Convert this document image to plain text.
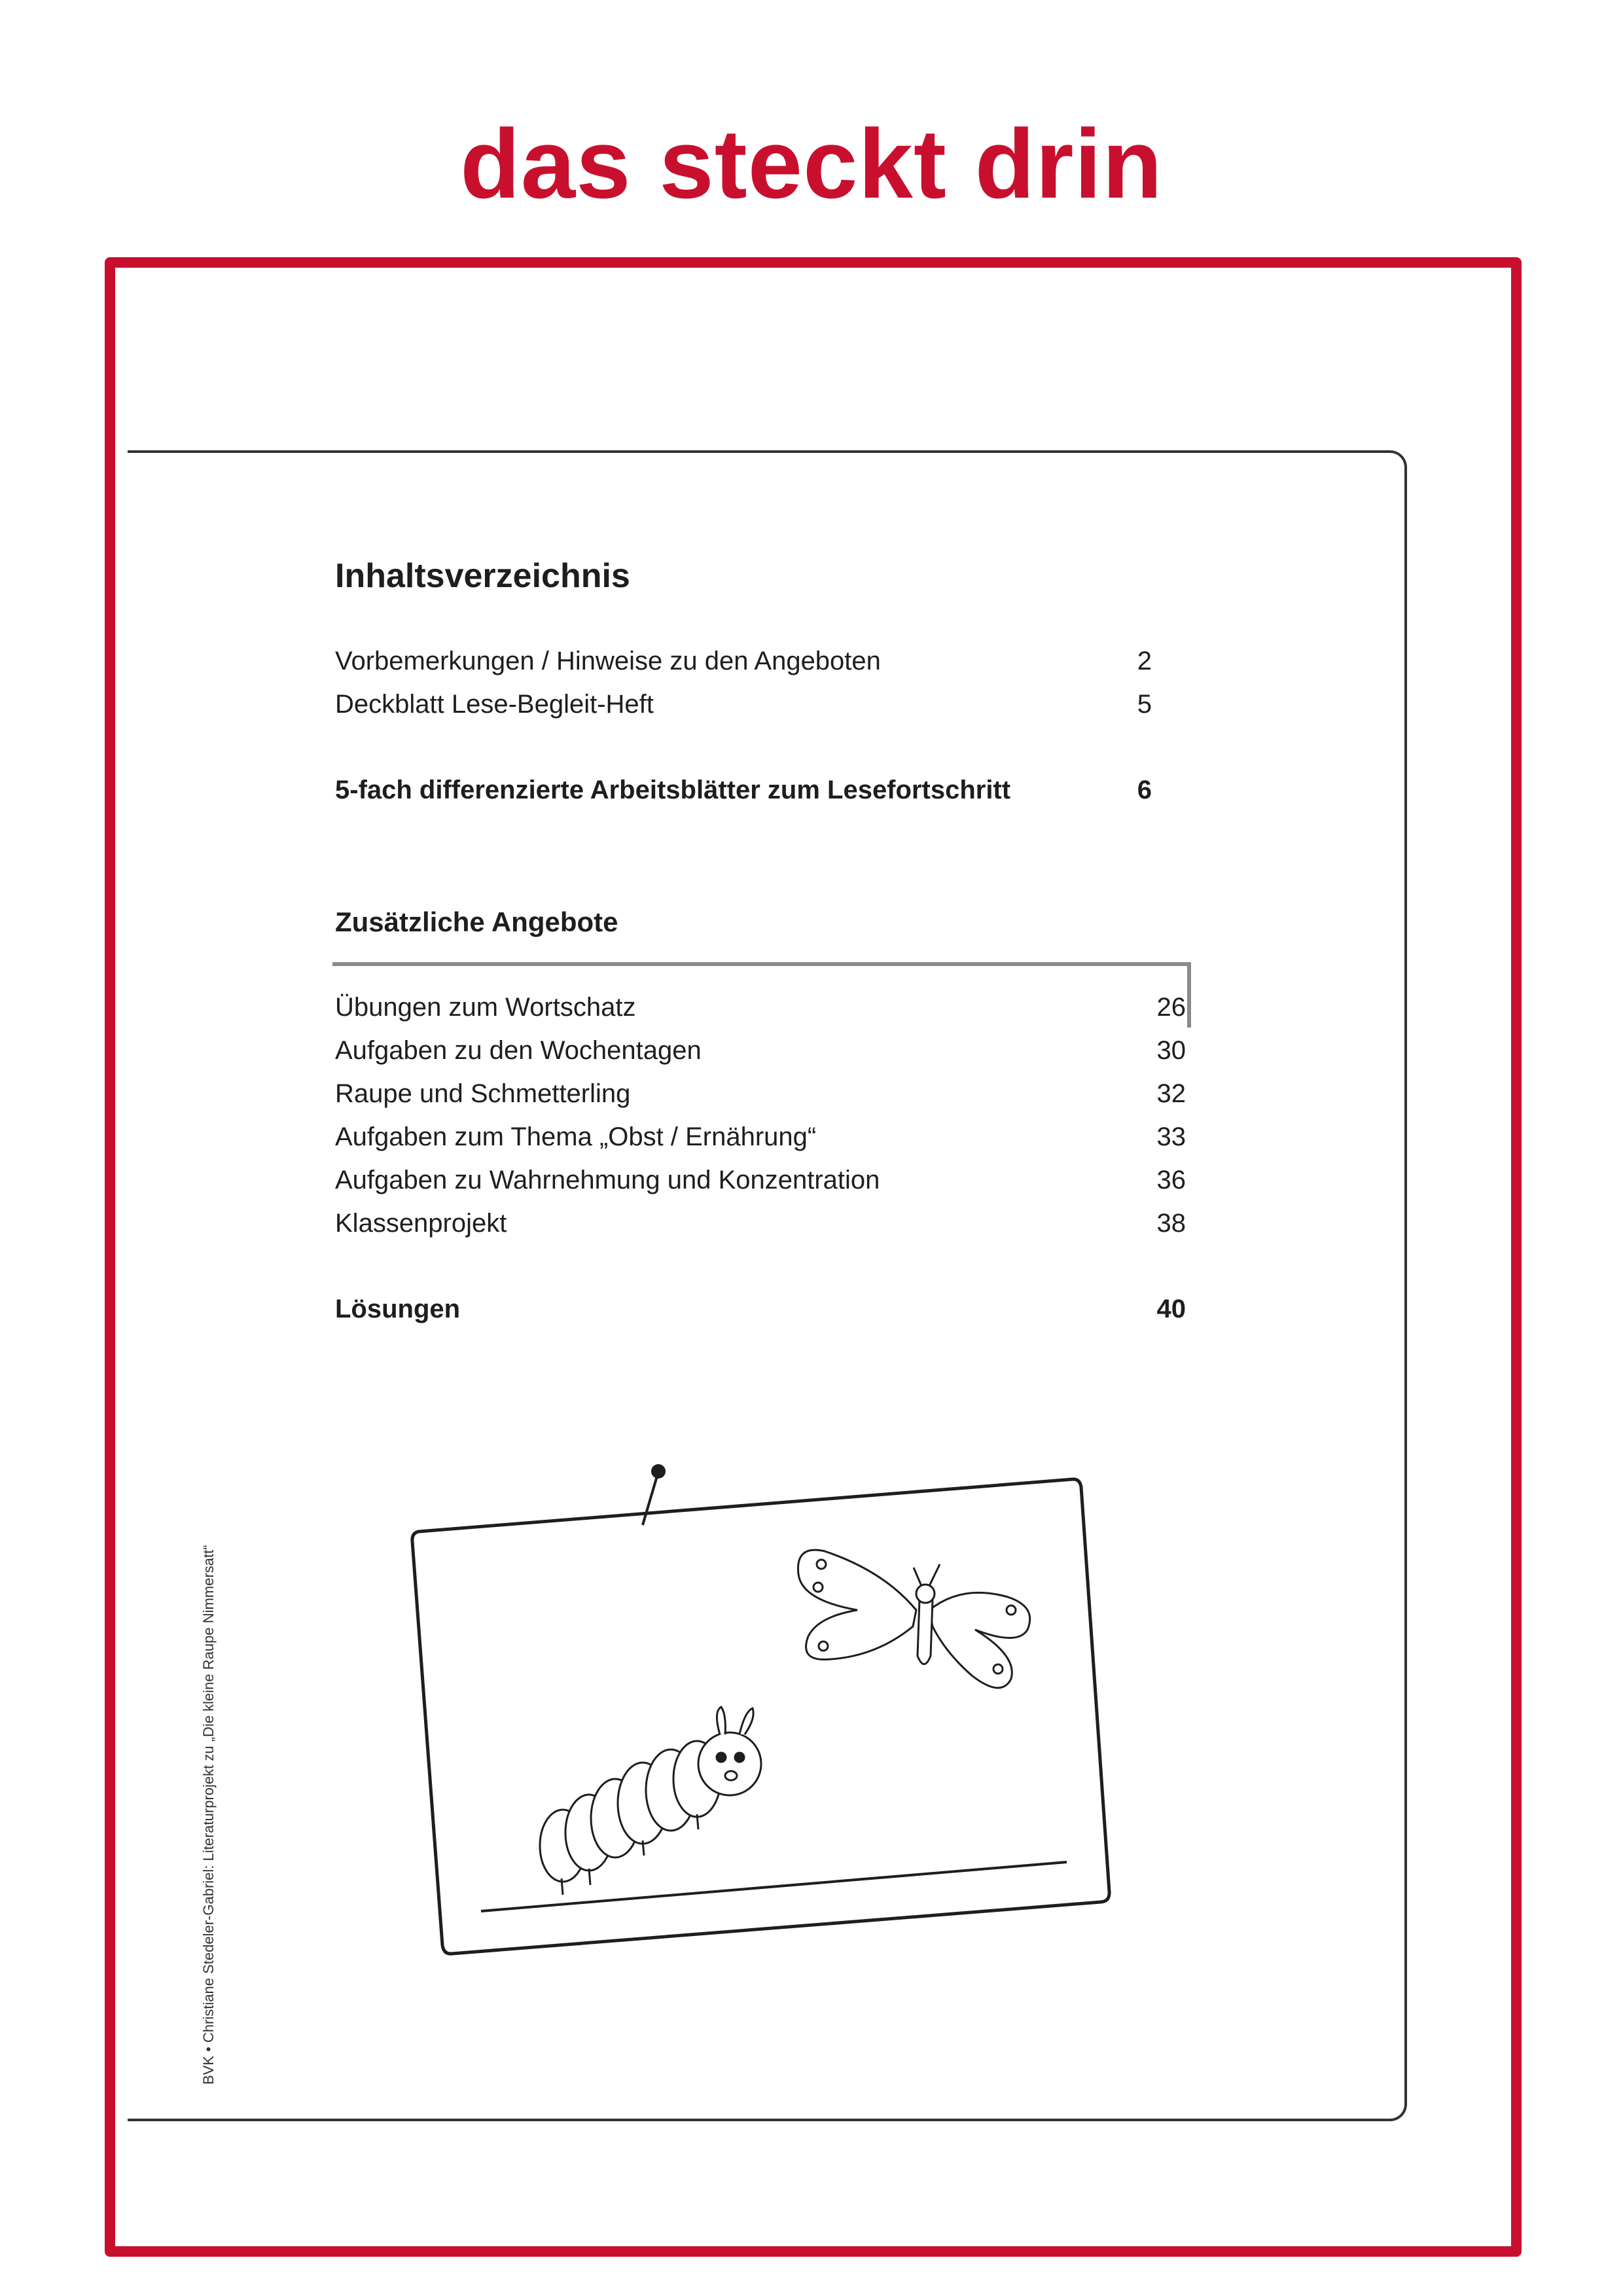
das steckt drin
Inhaltsverzeichnis
Vorbemerkungen / Hinweise zu den Angeboten	2
Deckblatt Lese-Begleit-Heft	5
5-fach differenzierte Arbeitsblätter zum Lesefortschritt	6
Zusätzliche Angebote
Übungen zum Wortschatz	26
Aufgaben zu den Wochentagen	30
Raupe und Schmetterling	32
Aufgaben zum Thema „Obst / Ernährung“	33
Aufgaben zu Wahrnehmung und Konzentration	36
Klassenprojekt	38
Lösungen	40
BVK • Christiane Stedeler-Gabriel: Literaturprojekt zu „Die kleine Raupe Nimmersatt“
